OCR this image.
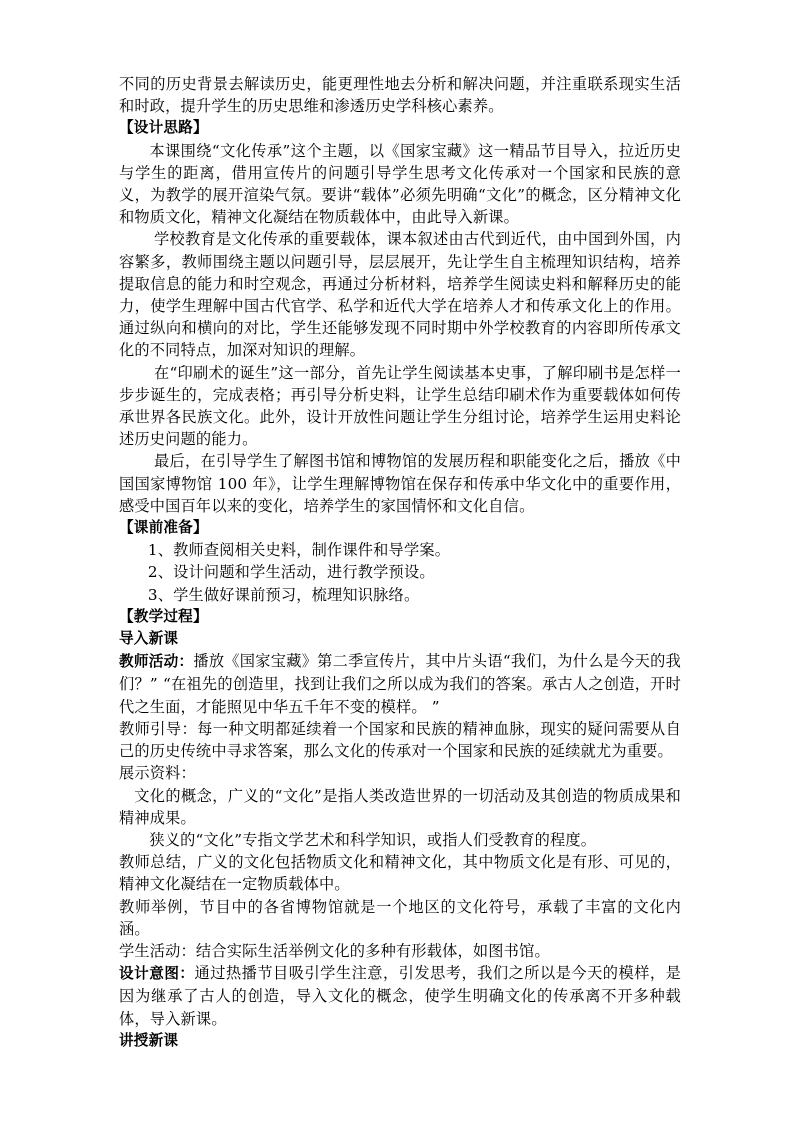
不同的历史背景去解读历史，能更理性地去分析和解决问题，并注重联系现实生活和时政，提升学生的历史思维和渗透历史学科核心素养。

【设计思路】

本课围绕“文化传承”这个主题，以《国家宝藏》这一精品节目导入，拉近历史与学生的距离，借用宣传片的问题引导学生思考文化传承对一个国家和民族的意义，为教学的展开渲染气氛。要讲“载体”必须先明确“文化”的概念，区分精神文化和物质文化，精神文化凝结在物质载体中，由此导入新课。

学校教育是文化传承的重要载体，课本叙述由古代到近代，由中国到外国，内容繁多，教师围绕主题以问题引导，层层展开，先让学生自主梳理知识结构，培养提取信息的能力和时空观念，再通过分析材料，培养学生阅读史料和解释历史的能力，使学生理解中国古代官学、私学和近代大学在培养人才和传承文化上的作用。通过纵向和横向的对比，学生还能够发现不同时期中外学校教育的内容即所传承文化的不同特点，加深对知识的理解。

在“印刷术的诞生”这一部分，首先让学生阅读基本史事，了解印刷书是怎样一步步诞生的，完成表格；再引导分析史料，让学生总结印刷术作为重要载体如何传承世界各民族文化。此外，设计开放性问题让学生分组讨论，培养学生运用史料论述历史问题的能力。

最后，在引导学生了解图书馆和博物馆的发展历程和职能变化之后，播放《中国国家博物馆 100 年》，让学生理解博物馆在保存和传承中华文化中的重要作用，感受中国百年以来的变化，培养学生的家国情怀和文化自信。

【课前准备】

1、教师查阅相关史料，制作课件和导学案。

2、设计问题和学生活动，进行教学预设。

3、学生做好课前预习，梳理知识脉络。

【教学过程】

导入新课

教师活动：播放《国家宝藏》第二季宣传片，其中片头语“我们，为什么是今天的我们？” “在祖先的创造里，找到让我们之所以成为我们的答案。承古人之创造，开时代之生面，才能照见中华五千年不变的模样。 ”

教师引导：每一种文明都延续着一个国家和民族的精神血脉，现实的疑问需要从自己的历史传统中寻求答案，那么文化的传承对一个国家和民族的延续就尤为重要。

展示资料：

文化的概念，广义的“文化”是指人类改造世界的一切活动及其创造的物质成果和精神成果。

狭义的“文化”专指文学艺术和科学知识，或指人们受教育的程度。

教师总结，广义的文化包括物质文化和精神文化，其中物质文化是有形、可见的，精神文化凝结在一定物质载体中。

教师举例，节目中的各省博物馆就是一个地区的文化符号，承载了丰富的文化内涵。

学生活动：结合实际生活举例文化的多种有形载体，如图书馆。

设计意图：通过热播节目吸引学生注意，引发思考，我们之所以是今天的模样，是因为继承了古人的创造，导入文化的概念，使学生明确文化的传承离不开多种载体，导入新课。

讲授新课
